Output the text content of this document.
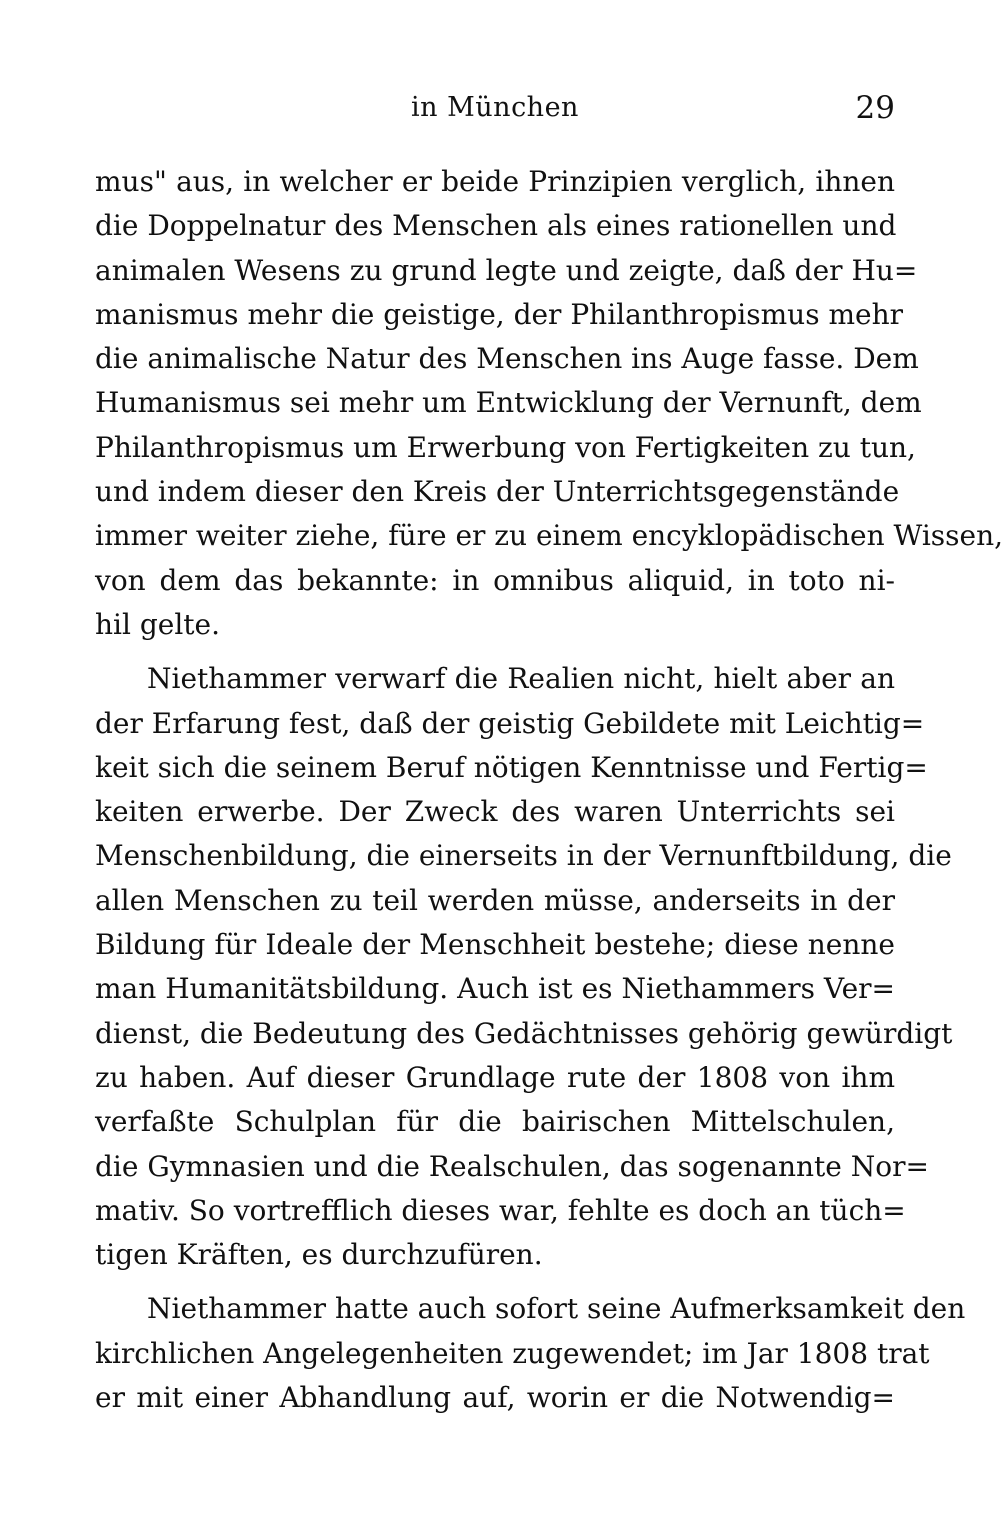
in München	29
mus" aus, in welcher er beide Prinzipien verglich, ihnen
die Doppelnatur des Menschen als eines rationellen und
animalen Wesens zu grund legte und zeigte, daß der Hu=
manismus mehr die geistige, der Philanthropismus mehr
die animalische Natur des Menschen ins Auge fasse. Dem
Humanismus sei mehr um Entwicklung der Vernunft, dem
Philanthropismus um Erwerbung von Fertigkeiten zu tun,
und indem dieser den Kreis der Unterrichtsgegenstände
immer weiter ziehe, füre er zu einem encyklopädischen Wissen,
von dem das bekannte: in omnibus aliquid, in toto ni-
hil gelte.
Niethammer verwarf die Realien nicht, hielt aber an
der Erfarung fest, daß der geistig Gebildete mit Leichtig=
keit sich die seinem Beruf nötigen Kenntnisse und Fertig=
keiten erwerbe. Der Zweck des waren Unterrichts sei
Menschenbildung, die einerseits in der Vernunftbildung, die
allen Menschen zu teil werden müsse, anderseits in der
Bildung für Ideale der Menschheit bestehe; diese nenne
man Humanitätsbildung. Auch ist es Niethammers Ver=
dienst, die Bedeutung des Gedächtnisses gehörig gewürdigt
zu haben. Auf dieser Grundlage rute der 1808 von ihm
verfaßte Schulplan für die bairischen Mittelschulen,
die Gymnasien und die Realschulen, das sogenannte Nor=
mativ. So vortrefflich dieses war, fehlte es doch an tüch=
tigen Kräften, es durchzufüren.
Niethammer hatte auch sofort seine Aufmerksamkeit den
kirchlichen Angelegenheiten zugewendet; im Jar 1808 trat
er mit einer Abhandlung auf, worin er die Notwendig=
